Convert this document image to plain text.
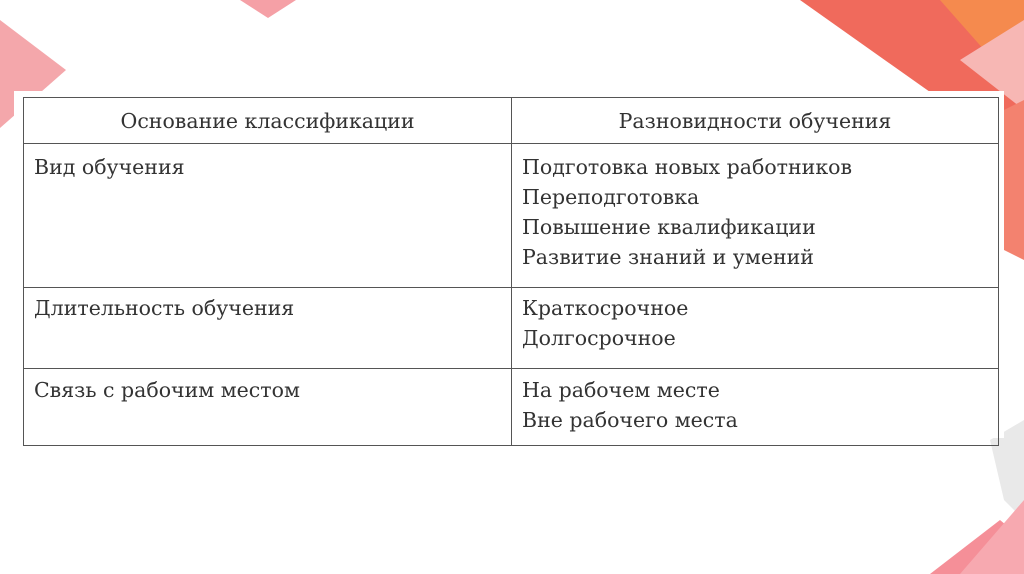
Основание классификации	Разновидности обучения

Вид обучения	Подготовка новых работников
Переподготовка
Повышение квалификации
Развитие знаний и умений

Длительность обучения	Краткосрочное
Долгосрочное

Связь с рабочим местом	На рабочем месте
Вне рабочего места
